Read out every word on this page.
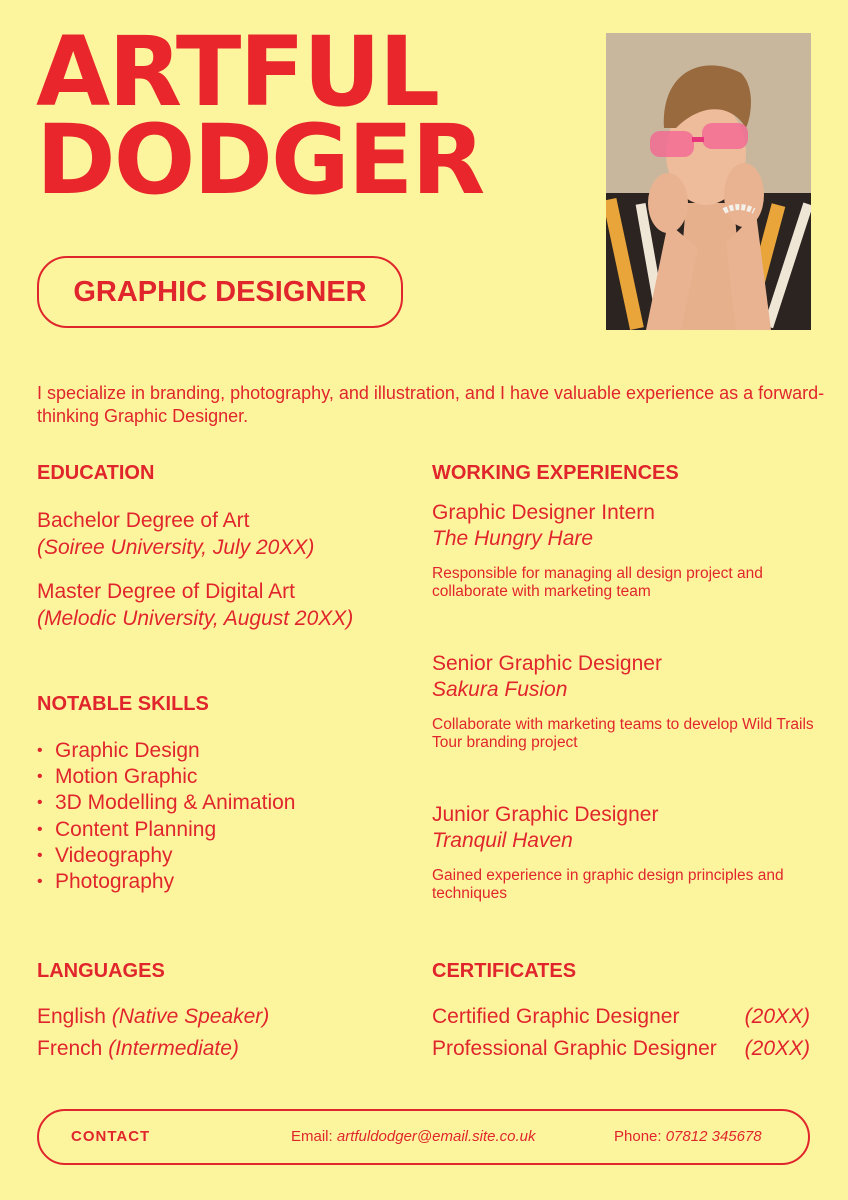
ARTFUL
DODGER
GRAPHIC DESIGNER

I specialize in branding, photography, and illustration, and I have valuable experience as a forward-thinking Graphic Designer.

EDUCATION
Bachelor Degree of Art
(Soiree University, July 20XX)
Master Degree of Digital Art
(Melodic University, August 20XX)
NOTABLE SKILLS
• Graphic Design
• Motion Graphic
• 3D Modelling & Animation
• Content Planning
• Videography
• Photography
WORKING EXPERIENCES
Graphic Designer Intern
The Hungry Hare
Responsible for managing all design project and collaborate with marketing team
Senior Graphic Designer
Sakura Fusion
Collaborate with marketing teams to develop Wild Trails Tour branding project
Junior Graphic Designer
Tranquil Haven
Gained experience in graphic design principles and techniques
LANGUAGES
English (Native Speaker)
French (Intermediate)
CERTIFICATES
Certified Graphic Designer	(20XX)
Professional Graphic Designer (20XX)
CONTACT	Email: artfuldodger@email.site.co.uk	Phone: 07812 345678
